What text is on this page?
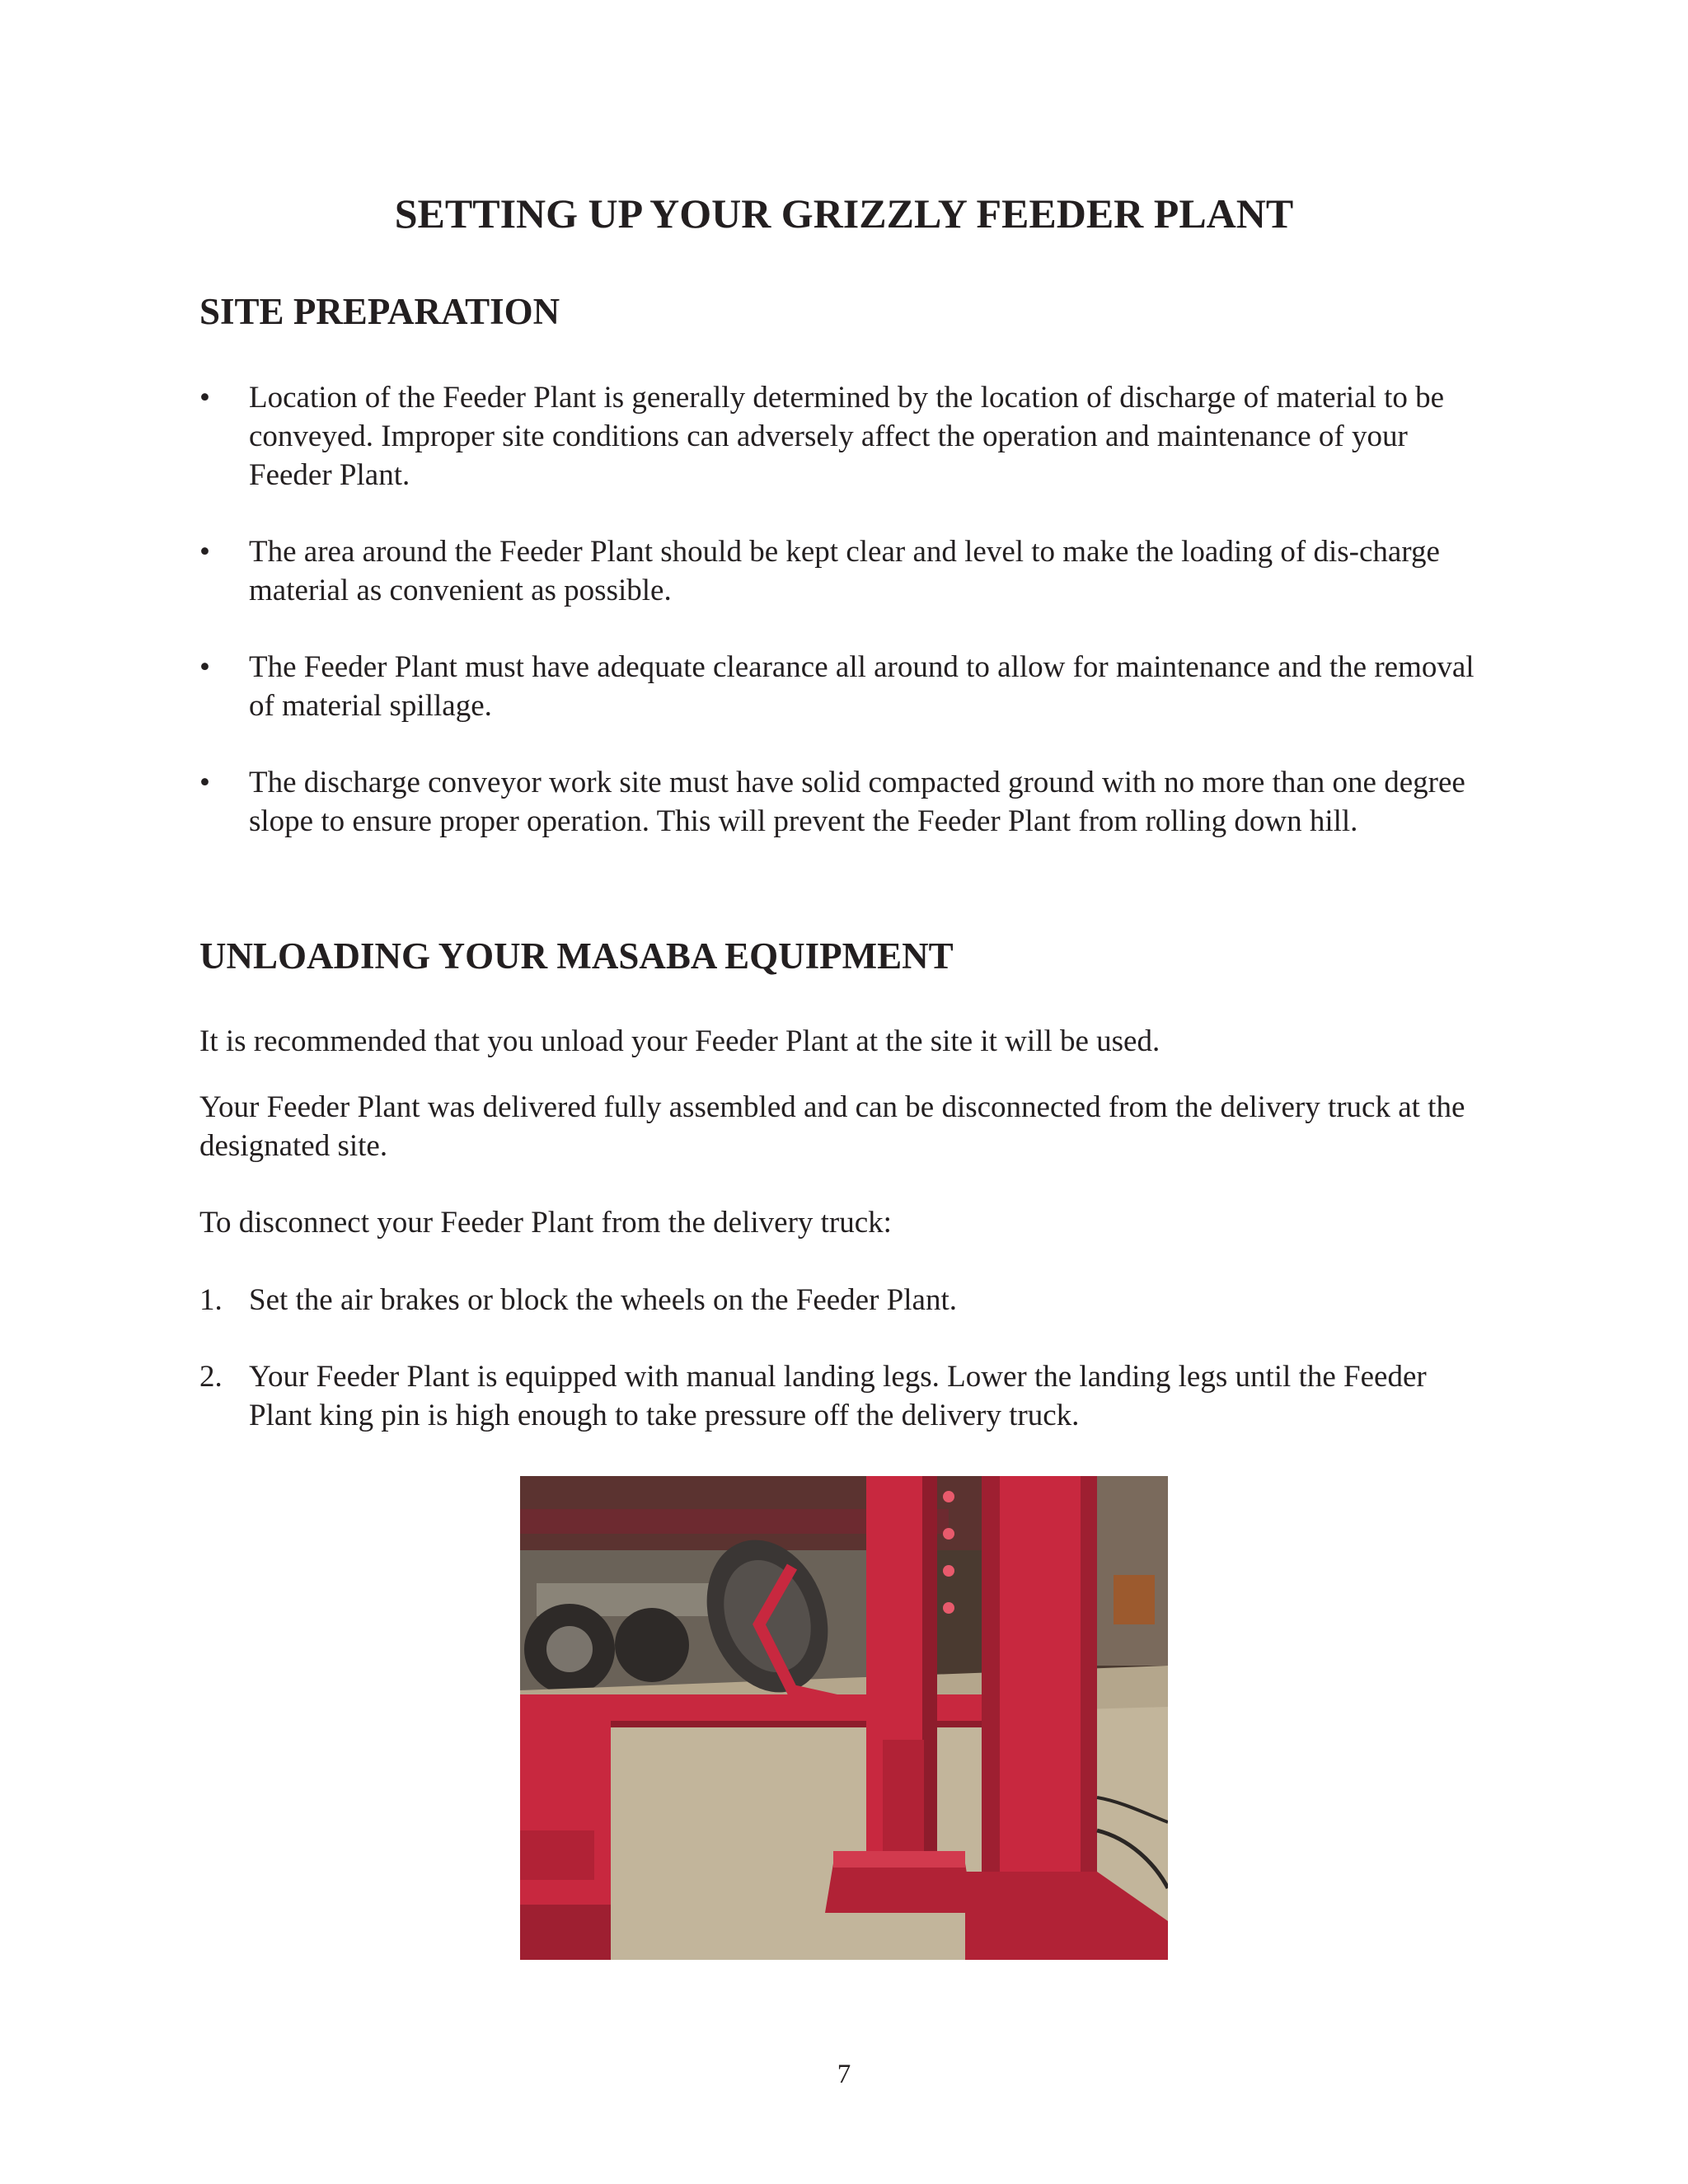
SETTING UP YOUR GRIZZLY FEEDER PLANT
SITE PREPARATION
• Location of the Feeder Plant is generally determined by the location of discharge of material to be conveyed. Improper site conditions can adversely affect the operation and maintenance of your Feeder Plant.
• The area around the Feeder Plant should be kept clear and level to make the loading of dis-charge material as convenient as possible.
• The Feeder Plant must have adequate clearance all around to allow for maintenance and the removal of material spillage.
• The discharge conveyor work site must have solid compacted ground with no more than one degree slope to ensure proper operation. This will prevent the Feeder Plant from rolling down hill.
UNLOADING YOUR MASABA EQUIPMENT

It is recommended that you unload your Feeder Plant at the site it will be used.

Your Feeder Plant was delivered fully assembled and can be disconnected from the delivery truck at the designated site.

To disconnect your Feeder Plant from the delivery truck:

1. Set the air brakes or block the wheels on the Feeder Plant.
2. Your Feeder Plant is equipped with manual landing legs. Lower the landing legs until the Feeder Plant king pin is high enough to take pressure off the delivery truck.
7
